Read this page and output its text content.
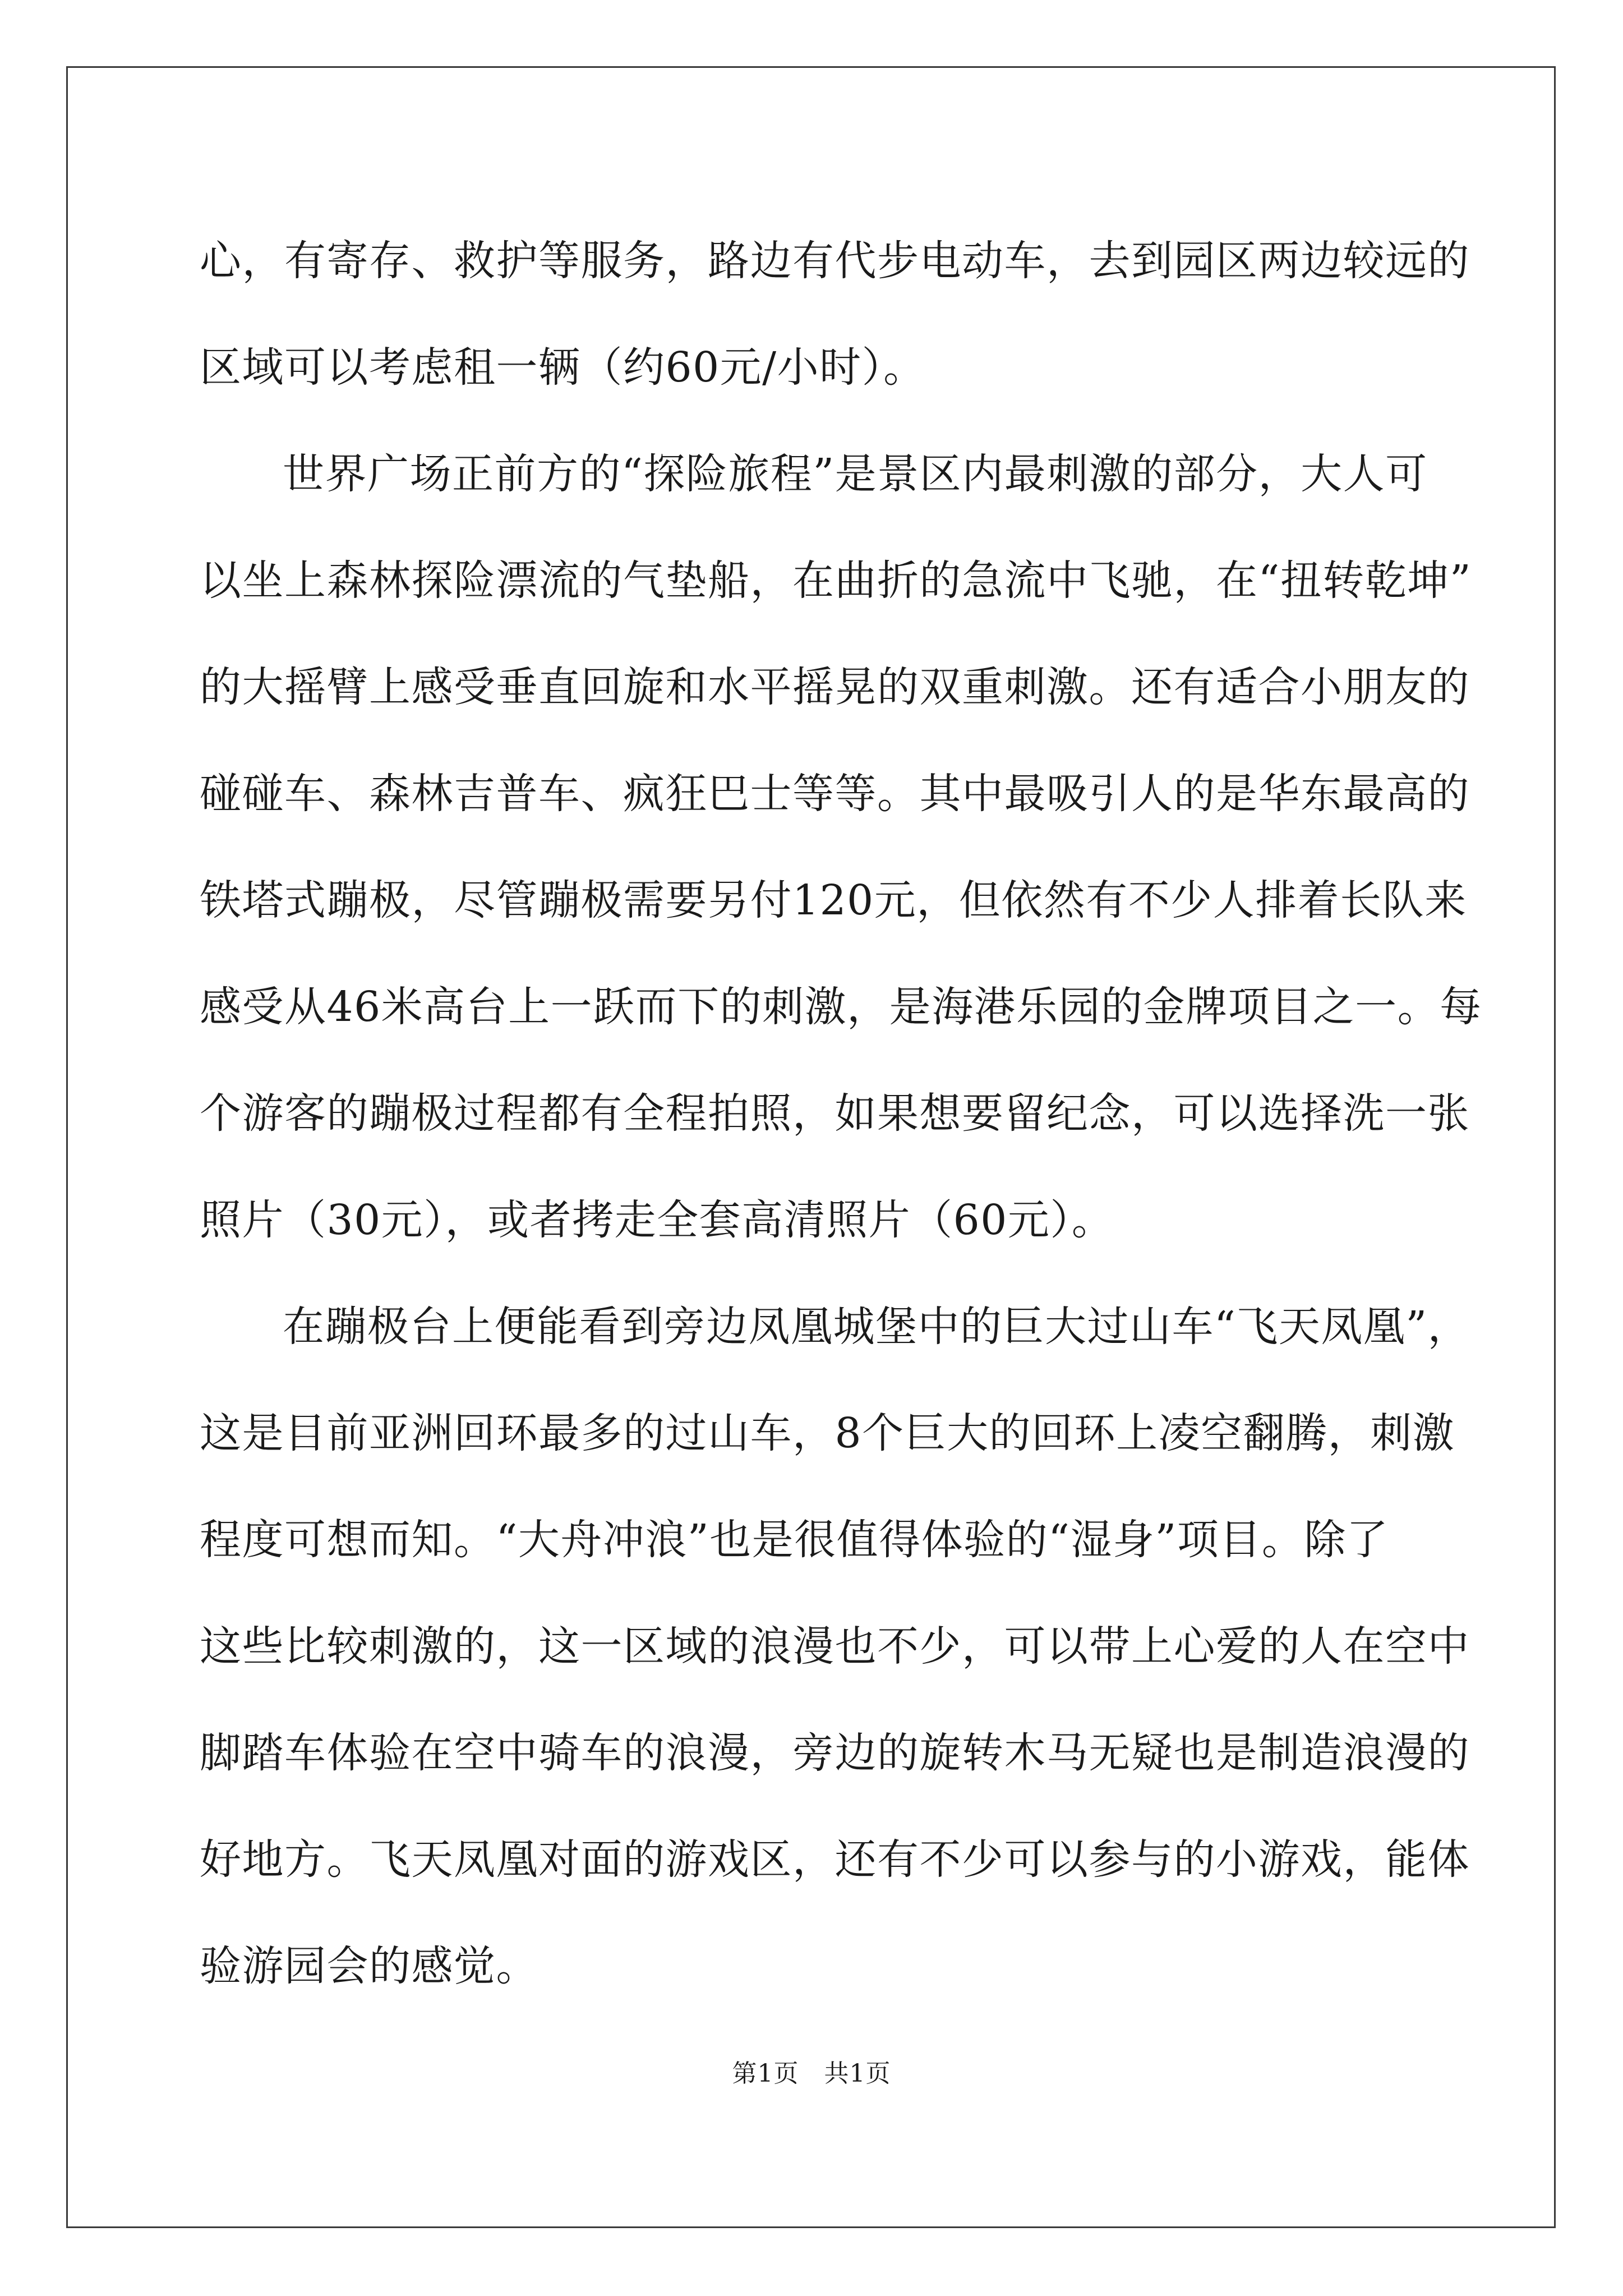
心，有寄存、救护等服务，路边有代步电动车，去到园区两边较远的
区域可以考虑租一辆（约60元/小时）。
世界广场正前方的“探险旅程”是景区内最刺激的部分，大人可
以坐上森林探险漂流的气垫船，在曲折的急流中飞驰，在“扭转乾坤”
的大摇臂上感受垂直回旋和水平摇晃的双重刺激。还有适合小朋友的
碰碰车、森林吉普车、疯狂巴士等等。其中最吸引人的是华东最高的
铁塔式蹦极，尽管蹦极需要另付120元，但依然有不少人排着长队来
感受从46米高台上一跃而下的刺激，是海港乐园的金牌项目之一。每
个游客的蹦极过程都有全程拍照，如果想要留纪念，可以选择洗一张
照片（30元），或者拷走全套高清照片（60元）。
在蹦极台上便能看到旁边凤凰城堡中的巨大过山车“飞天凤凰”，
这是目前亚洲回环最多的过山车，8个巨大的回环上凌空翻腾，刺激
程度可想而知。“大舟冲浪”也是很值得体验的“湿身”项目。除了
这些比较刺激的，这一区域的浪漫也不少，可以带上心爱的人在空中
脚踏车体验在空中骑车的浪漫，旁边的旋转木马无疑也是制造浪漫的
好地方。飞天凤凰对面的游戏区，还有不少可以参与的小游戏，能体
验游园会的感觉。
第1页　共1页
